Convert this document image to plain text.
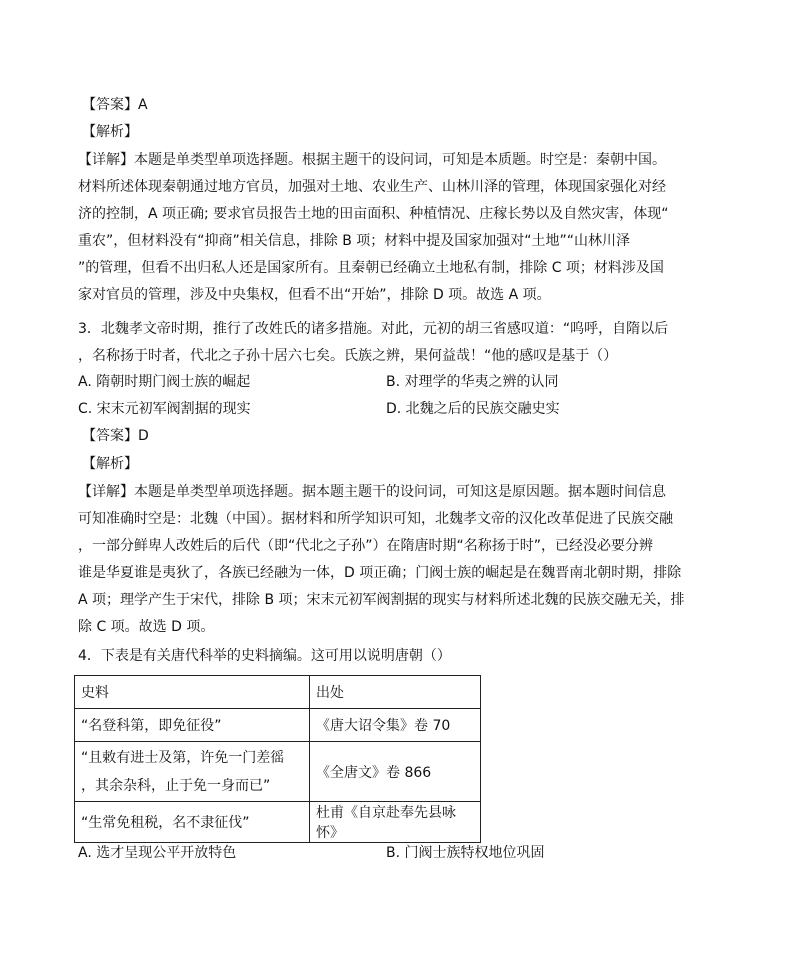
【答案】A
【解析】

【详解】本题是单类型单项选择题。根据主题干的设问词，可知是本质题。时空是：秦朝中国。

材料所述体现秦朝通过地方官员，加强对土地、农业生产、山林川泽的管理，体现国家强化对经

济的控制，A 项正确; 要求官员报告土地的田亩面积、种植情况、庄稼长势以及自然灾害，体现“

重农”，但材料没有“抑商”相关信息，排除 B 项；材料中提及国家加强对“土地”“山林川泽

”的管理，但看不出归私人还是国家所有。且秦朝已经确立土地私有制，排除 C 项；材料涉及国

家对官员的管理，涉及中央集权，但看不出“开始”，排除 D 项。故选 A 项。

3．北魏孝文帝时期，推行了改姓氏的诸多措施。对此，元初的胡三省感叹道：“呜呼，自隋以后

，名称扬于时者，代北之子孙十居六七矣。氏族之辨，果何益哉！“他的感叹是基于（）

A. 隋朝时期门阀士族的崛起	B. 对理学的华夷之辨的认同
C. 宋末元初军阀割据的现实	D. 北魏之后的民族交融史实
【答案】D
【解析】

【详解】本题是单类型单项选择题。据本题主题干的设问词，可知这是原因题。据本题时间信息

可知准确时空是：北魏（中国）。据材料和所学知识可知，北魏孝文帝的汉化改革促进了民族交融

，一部分鲜卑人改姓后的后代（即“代北之子孙”）在隋唐时期“名称扬于时”，已经没必要分辨

谁是华夏谁是夷狄了，各族已经融为一体，D 项正确；门阀士族的崛起是在魏晋南北朝时期，排除

A 项；理学产生于宋代，排除 B 项；宋末元初军阀割据的现实与材料所述北魏的民族交融无关，排

除 C 项。故选 D 项。

4．下表是有关唐代科举的史料摘编。这可用以说明唐朝（）
史料	出处
“名登科第，即免征役”	《唐大诏令集》卷 70

“且敕有进士及第，许免一门差徭
，其余杂科，止于免一身而已”	《全唐文》卷 866
“生常免租税，名不隶征伐”	杜甫《自京赴奉先县咏怀》
A. 选才呈现公平开放特色	B. 门阀士族特权地位巩固
